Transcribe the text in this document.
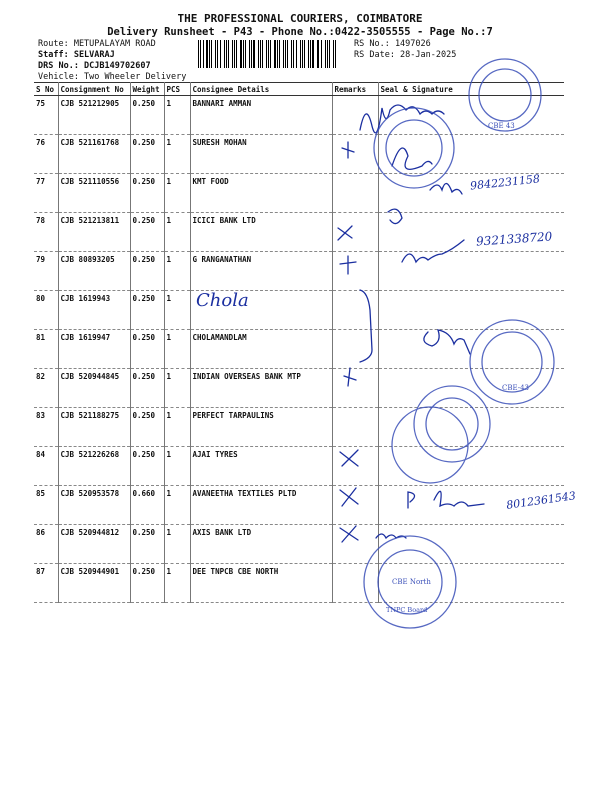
THE PROFESSIONAL COURIERS, COIMBATORE
Delivery Runsheet - P43 - Phone No.:0422-3505555 - Page No.:7
Route: METUPALAYAM ROAD
Staff: SELVARAJ
DRS No.: DCJB149702607
Vehicle: Two Wheeler Delivery
RS No.: 1497026
RS Date: 28-Jan-2025
S No	Consignment No	Weight	PCS	Consignee Details	Remarks	Seal & Signature
75	CJB 521212905	0.250	1	BANNARI AMMAN		
76	CJB 521161768	0.250	1	SURESH MOHAN		
77	CJB 521110556	0.250	1	KMT FOOD		
78	CJB 521213811	0.250	1	ICICI BANK LTD		
79	CJB 80893205	0.250	1	G RANGANATHAN		
80	CJB 1619943	0.250	1			
81	CJB 1619947	0.250	1	CHOLAMANDLAM		
82	CJB 520944845	0.250	1	INDIAN OVERSEAS BANK MTP		
83	CJB 521188275	0.250	1	PERFECT TARPAULINS		
84	CJB 521226268	0.250	1	AJAI TYRES		
85	CJB 520953578	0.660	1	AVANEETHA TEXTILES PLTD		
86	CJB 520944812	0.250	1	AXIS BANK LTD		
87	CJB 520944901	0.250	1	DEE TNPCB CBE NORTH		
9842231158
9321338720
8012361543
Chola
CBE 43
CBE-43
CBE North
TNPC Board
